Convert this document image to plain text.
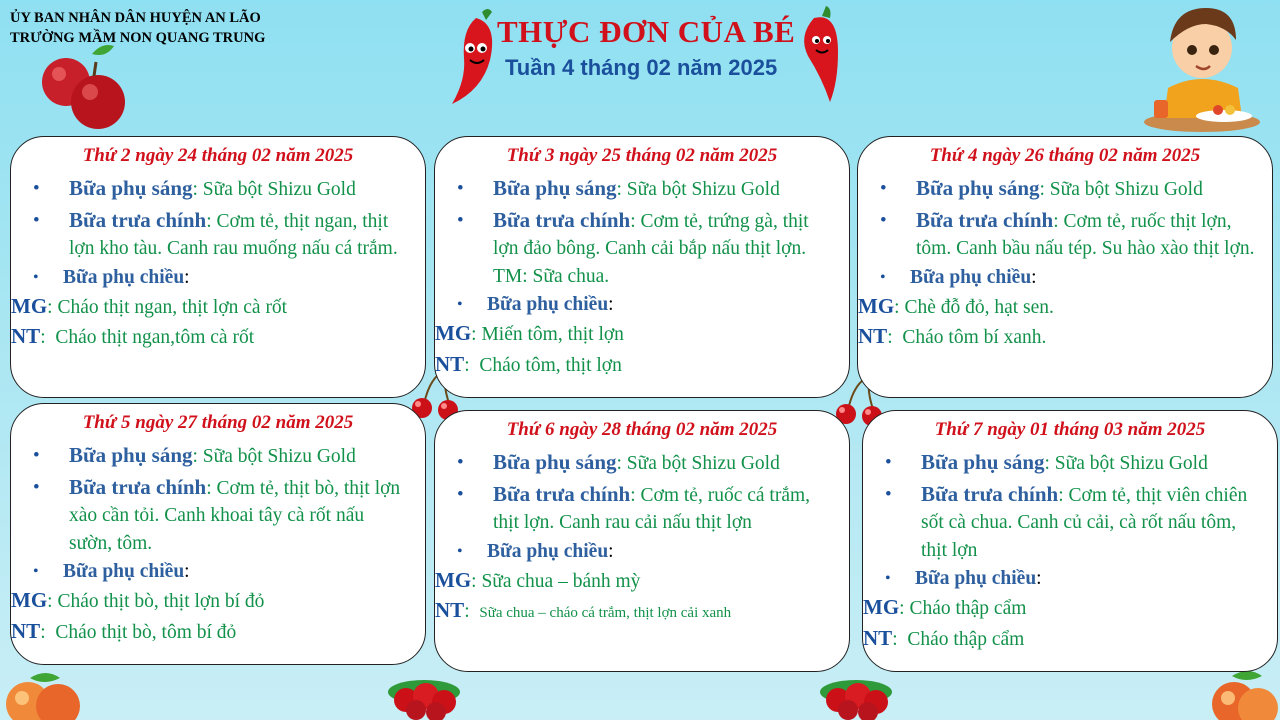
ỦY BAN NHÂN DÂN HUYỆN AN LÃO
TRƯỜNG MẦM NON QUANG TRUNG	THỰC ĐƠN CỦA BÉ
Tuần 4 tháng 02 năm 2025
Thứ 2 ngày 24 tháng 02 năm 2025
• Bữa phụ sáng: Sữa bột Shizu Gold
• Bữa trưa chính: Cơm tẻ, thịt ngan, thịt lợn kho tàu. Canh rau muống nấu cá trắm.
• Bữa phụ chiều:
MG: Cháo thịt ngan, thịt lợn cà rốt
NT:  Cháo thịt ngan,tôm cà rốt
Thứ 3 ngày 25 tháng 02 năm 2025
• Bữa phụ sáng: Sữa bột Shizu Gold
• Bữa trưa chính: Cơm tẻ, trứng gà, thịt lợn đảo bông. Canh cải bắp nấu thịt lợn. TM: Sữa chua.
• Bữa phụ chiều:
MG: Miến tôm, thịt lợn
NT:  Cháo tôm, thịt lợn
Thứ 4 ngày 26 tháng 02 năm 2025
• Bữa phụ sáng: Sữa bột Shizu Gold
• Bữa trưa chính: Cơm tẻ, ruốc thịt lợn, tôm. Canh bầu nấu tép. Su hào xào thịt lợn.
• Bữa phụ chiều:
MG: Chè đỗ đỏ, hạt sen.
NT:  Cháo tôm bí xanh.
Thứ 5 ngày 27 tháng 02 năm 2025
• Bữa phụ sáng: Sữa bột Shizu Gold
• Bữa trưa chính: Cơm tẻ, thịt bò, thịt lợn xào cần tỏi. Canh khoai tây cà rốt nấu sườn, tôm.
• Bữa phụ chiều:
MG: Cháo thịt bò, thịt lợn bí đỏ
NT:  Cháo thịt bò, tôm bí đỏ
Thứ 6 ngày 28 tháng 02 năm 2025
• Bữa phụ sáng: Sữa bột Shizu Gold
• Bữa trưa chính: Cơm tẻ, ruốc cá trắm, thịt lợn. Canh rau cải nấu thịt lợn
• Bữa phụ chiều:
MG: Sữa chua – bánh mỳ
NT:  Sữa chua – cháo cá trắm, thịt lợn cải xanh
Thứ 7 ngày 01 tháng 03 năm 2025
• Bữa phụ sáng: Sữa bột Shizu Gold
• Bữa trưa chính: Cơm tẻ, thịt viên chiên sốt cà chua. Canh củ cải, cà rốt nấu tôm, thịt lợn
• Bữa phụ chiều:
MG: Cháo thập cẩm
NT:  Cháo thập cẩm
